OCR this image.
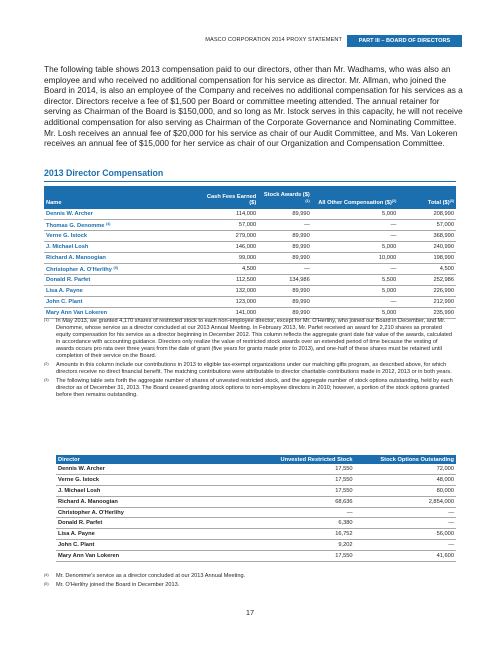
MASCO CORPORATION 2014 PROXY STATEMENT	PART III – BOARD OF DIRECTORS

The following table shows 2013 compensation paid to our directors, other than Mr. Wadhams, who was also an employee and who received no additional compensation for his service as director. Mr. Allman, who joined the Board in 2014, is also an employee of the Company and receives no additional compensation for his services as a director. Directors receive a fee of $1,500 per Board or committee meeting attended. The annual retainer for serving as Chairman of the Board is $150,000, and so long as Mr. Istock serves in this capacity, he will not receive additional compensation for also serving as Chairman of the Corporate Governance and Nominating Committee. Mr. Losh receives an annual fee of $20,000 for his service as chair of our Audit Committee, and Ms. Van Lokeren receives an annual fee of $15,000 for her service as chair of our Organization and Compensation Committee.

2013 Director Compensation
Name	Cash Fees Earned ($)	Stock Awards ($)$^{(1)}$	All Other Compensation ($)$^{(2)}$	Total ($)$^{(3)}$
Dennis W. Archer	114,000	89,990	5,000	208,990
Thomas G. Denomme $^{(4)}$	57,000	—	—	57,000
Verne G. Istock	279,000	89,990	—	368,990
J. Michael Losh	146,000	89,990	5,000	240,990
Richard A. Manoogian	99,000	89,990	10,000	198,990
Christopher A. O'Herlihy $^{(5)}$	4,500	—	—	4,500
Donald R. Parfet	112,500	134,986	5,500	252,986
Lisa A. Payne	132,000	89,990	5,000	226,990
John C. Plant	123,000	89,990	—	212,990
Mary Ann Van Lokeren	141,000	89,990	5,000	235,990
(1)	In May 2013, we granted 4,170 shares of restricted stock to each non-employee director, except for Mr. O'Herlihy, who joined our Board in December, and Mr. Denomme, whose service as a director concluded at our 2013 Annual Meeting. In February 2013, Mr. Parfet received an award for 2,210 shares as prorated equity compensation for his service as a director beginning in December 2012. This column reflects the aggregate grant date fair value of the awards, calculated in accordance with accounting guidance. Directors only realize the value of restricted stock awards over an extended period of time because the vesting of awards occurs pro rata over three years from the date of grant (five years for grants made prior to 2013), and one-half of these shares must be retained until completion of their service on the Board.
(2)	Amounts in this column include our contributions in 2013 to eligible tax-exempt organizations under our matching gifts program, as described above, for which directors receive no direct financial benefit. The matching contributions were attributable to director charitable contributions made in 2012, 2013 or in both years.
(3)	The following table sets forth the aggregate number of shares of unvested restricted stock, and the aggregate number of stock options outstanding, held by each director as of December 31, 2013. The Board ceased granting stock options to non-employee directors in 2010; however, a portion of the stock options granted before then remains outstanding.
Director	Unvested Restricted Stock	Stock Options Outstanding
Dennis W. Archer	17,550	72,000
Verne G. Istock	17,550	48,000
J. Michael Losh	17,550	80,000
Richard A. Manoogian	68,636	2,854,000
Christopher A. O'Herlihy	—	—
Donald R. Parfet	6,380	—
Lisa A. Payne	16,752	56,000
John C. Plant	9,202	—
Mary Ann Van Lokeren	17,550	41,600
(4)	Mr. Denomme's service as a director concluded at our 2013 Annual Meeting.
(5)	Mr. O'Herlihy joined the Board in December 2013.
17
